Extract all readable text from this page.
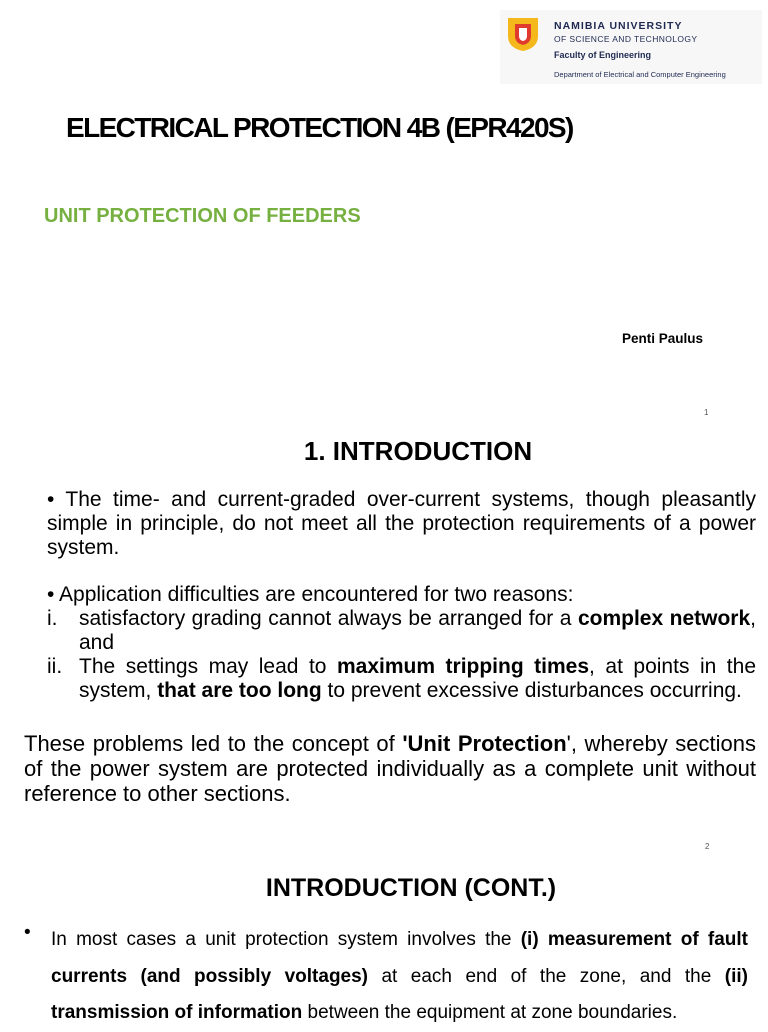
NAMIBIA UNIVERSITY
OF SCIENCE AND TECHNOLOGY
Faculty of Engineering
Department of Electrical and Computer Engineering
ELECTRICAL PROTECTION 4B (EPR420S)
UNIT PROTECTION OF FEEDERS
Penti Paulus
1
1. INTRODUCTION
• The time- and current-graded over-current systems, though pleasantly simple in principle, do not meet all the protection requirements of a power system.
• Application difficulties are encountered for two reasons:
i. satisfactory grading cannot always be arranged for a complex network, and
ii. The settings may lead to maximum tripping times, at points in the system, that are too long to prevent excessive disturbances occurring.
These problems led to the concept of 'Unit Protection', whereby sections of the power system are protected individually as a complete unit without reference to other sections.
2
INTRODUCTION (CONT.)
• In most cases a unit protection system involves the (i) measurement of fault currents (and possibly voltages) at each end of the zone, and the (ii) transmission of information between the equipment at zone boundaries.
